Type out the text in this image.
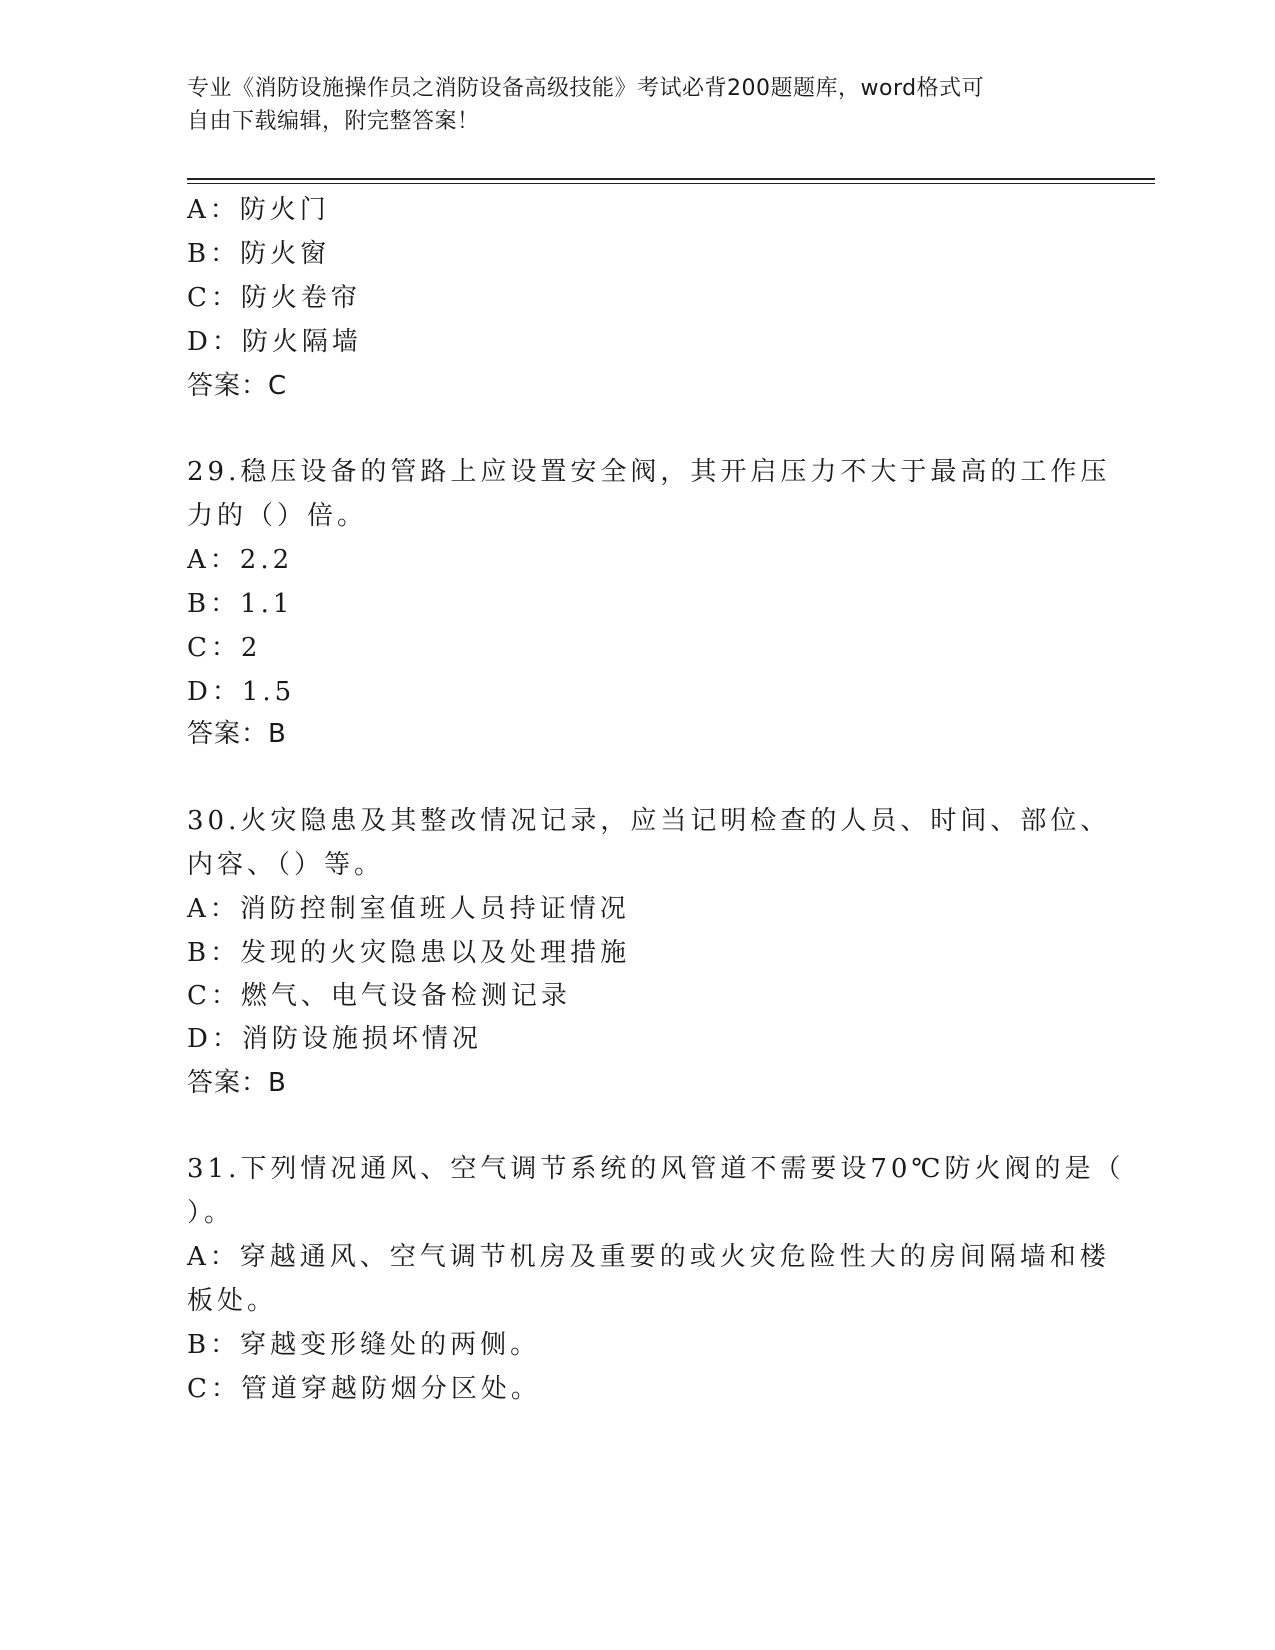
专业《消防设施操作员之消防设备高级技能》考试必背200题题库，word格式可
自由下载编辑，附完整答案！
A：防火门
B：防火窗
C：防火卷帘
D：防火隔墙
答案：C
29.稳压设备的管路上应设置安全阀，其开启压力不大于最高的工作压
力的（）倍。
A：2.2
B：1.1
C：2
D：1.5
答案：B
30.火灾隐患及其整改情况记录，应当记明检查的人员、时间、部位、
内容、（）等。
A：消防控制室值班人员持证情况
B：发现的火灾隐患以及处理措施
C：燃气、电气设备检测记录
D：消防设施损坏情况
答案：B
31.下列情况通风、空气调节系统的风管道不需要设70℃防火阀的是（
）。
A：穿越通风、空气调节机房及重要的或火灾危险性大的房间隔墙和楼
板处。
B：穿越变形缝处的两侧。
C：管道穿越防烟分区处。
